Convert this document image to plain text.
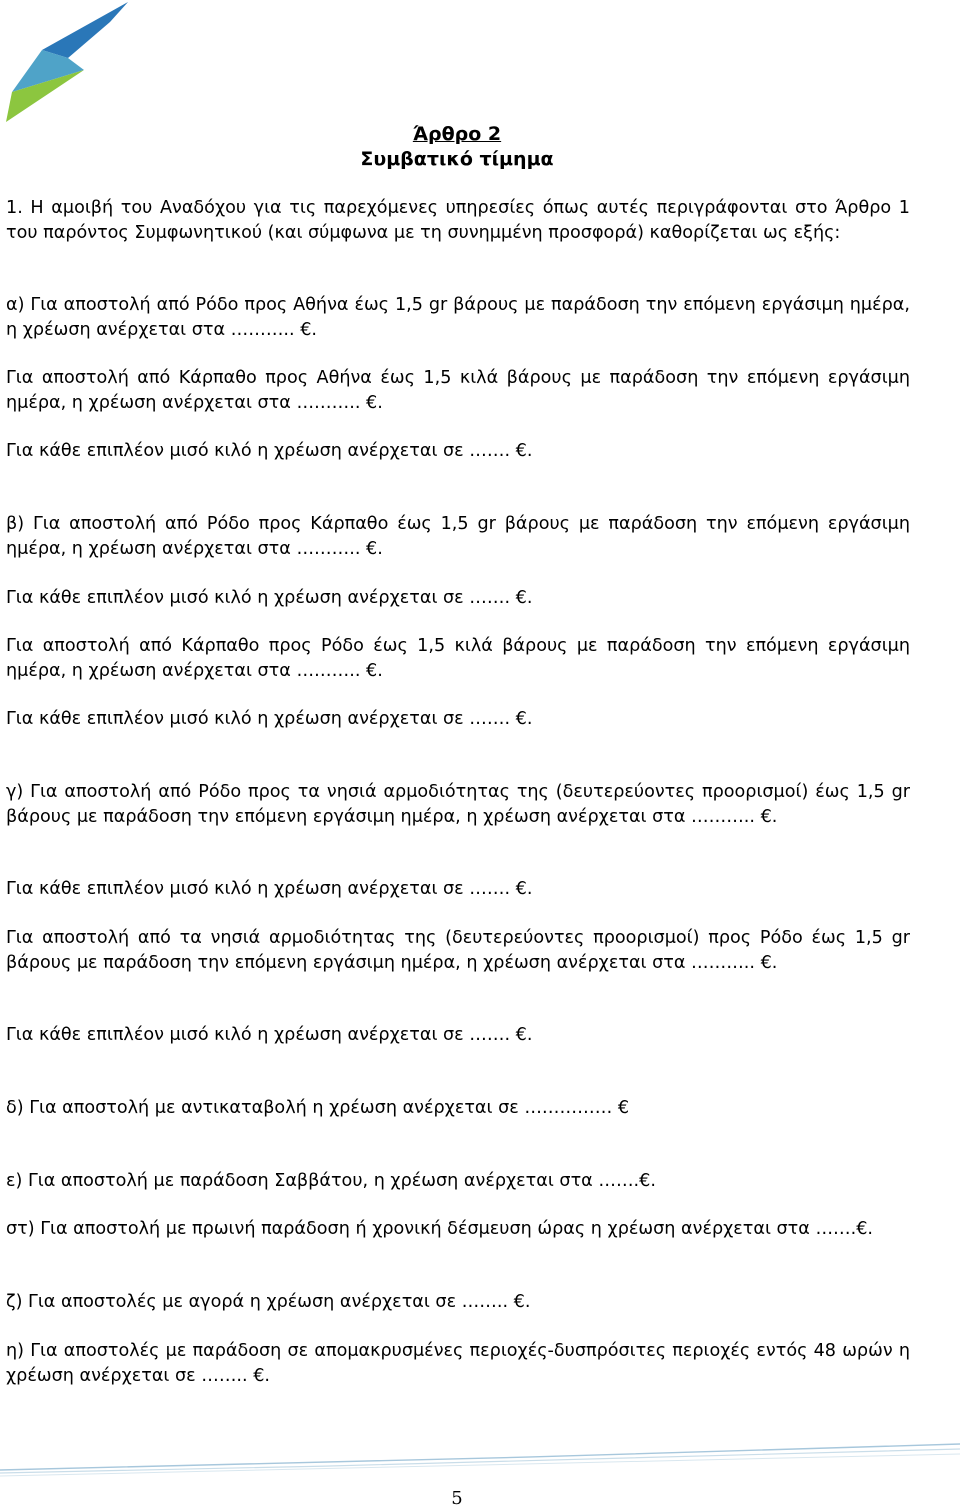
Άρθρο 2
Συμβατικό τίμημα

1. Η αμοιβή του Αναδόχου για τις παρεχόμενες υπηρεσίες όπως αυτές περιγράφονται στο Άρθρο 1 του παρόντος Συμφωνητικού (και σύμφωνα με τη συνημμένη προσφορά) καθορίζεται ως εξής:

α) Για αποστολή από Ρόδο προς Αθήνα έως 1,5 gr βάρους με παράδοση την επόμενη εργάσιμη ημέρα, η χρέωση ανέρχεται στα ……….. €.

Για αποστολή από Κάρπαθο προς Αθήνα έως 1,5 κιλά βάρους με παράδοση την επόμενη εργάσιμη ημέρα, η χρέωση ανέρχεται στα ……….. €.

Για κάθε επιπλέον μισό κιλό η χρέωση ανέρχεται σε ……. €.

β) Για αποστολή από Ρόδο προς Κάρπαθο έως 1,5 gr βάρους με παράδοση την επόμενη εργάσιμη ημέρα, η χρέωση ανέρχεται στα ……….. €.

Για κάθε επιπλέον μισό κιλό η χρέωση ανέρχεται σε ……. €.

Για αποστολή από Κάρπαθο προς Ρόδο έως 1,5 κιλά βάρους με παράδοση την επόμενη εργάσιμη ημέρα, η χρέωση ανέρχεται στα ……….. €.

Για κάθε επιπλέον μισό κιλό η χρέωση ανέρχεται σε ……. €.

γ) Για αποστολή από Ρόδο προς τα νησιά αρμοδιότητας της (δευτερεύοντες προορισμοί) έως 1,5 gr βάρους με παράδοση την επόμενη εργάσιμη ημέρα, η χρέωση ανέρχεται στα ……….. €.

Για κάθε επιπλέον μισό κιλό η χρέωση ανέρχεται σε ……. €.

Για αποστολή από τα νησιά αρμοδιότητας της (δευτερεύοντες προορισμοί) προς Ρόδο έως 1,5 gr βάρους με παράδοση την επόμενη εργάσιμη ημέρα, η χρέωση ανέρχεται στα ……….. €.

Για κάθε επιπλέον μισό κιλό η χρέωση ανέρχεται σε ……. €.

δ) Για αποστολή με αντικαταβολή η χρέωση ανέρχεται σε …………… €

ε) Για αποστολή με παράδοση Σαββάτου, η χρέωση ανέρχεται στα …….€.

στ) Για αποστολή με πρωινή παράδοση ή χρονική δέσμευση ώρας η χρέωση ανέρχεται στα …….€.

ζ) Για αποστολές με αγορά η χρέωση ανέρχεται σε …….. €.

η) Για αποστολές με παράδοση σε απομακρυσμένες περιοχές-δυσπρόσιτες περιοχές εντός 48 ωρών η χρέωση ανέρχεται σε …….. €.

5
